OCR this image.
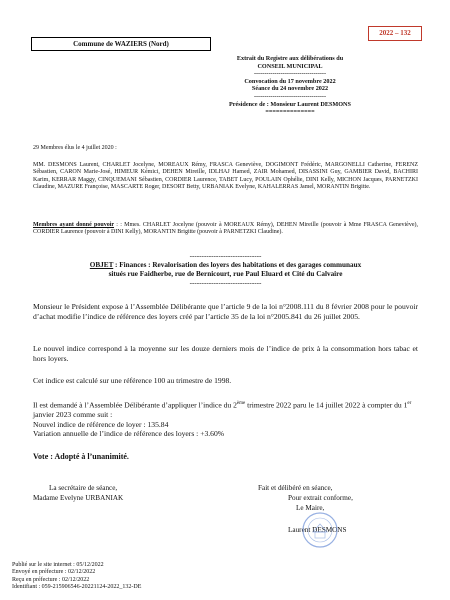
Commune de WAZIERS (Nord)
2022 – 132
Extrait du Registre aux délibérations du
CONSEIL MUNICIPAL
-----------------------------------
Convocation du 17 novembre 2022
Séance du 24 novembre 2022
-----------------------------------
Présidence de : Monsieur Laurent DESMONS
==============
29 Membres élus le 4 juillet 2020 :
MM. DESMONS Laurent, CHARLET Jocelyne, MOREAUX Rémy, FRASCA Geneviève, DOGIMONT Frédéric, MARGONELLI Catherine, FERENZ Sébastien, CARON Marie-José, HIMEUR Kémici, DEHEN Mireille, IDLHAJ Hamed, ZAIR Mohamed, DISASSINI Guy, GAMBIER David, BACHIRI Karim, KERRAR Maggy, CINQUEMANI Sébastien, CORDIER Laurence, TABET Lucy, POULAIN Ophélie, DINI Kelly, MICHON Jacques, PARNETZKI Claudine, MAZURE Françoise, MASCARTE Roger, DESORT Betty, URBANIAK Evelyne, KAHALERRAS Jamel, MORANTIN Brigitte.
Membres ayant donné pouvoir : : Mmes. CHARLET Jocelyne (pouvoir à MOREAUX Rémy), DEHEN Mireille (pouvoir à Mme FRASCA Geneviève), CORDIER Laurence (pouvoir à DINI Kelly), MORANTIN Brigitte (pouvoir à PARNETZKI Claudine).
------------------------------
OBJET : Finances : Revalorisation des loyers des habitations et des garages communaux
situés rue Faidherbe, rue de Bernicourt, rue Paul Eluard et Cité du Calvaire
------------------------------
Monsieur le Président expose à l’Assemblée Délibérante que l’article 9 de la loi n°2008.111 du 8 février 2008 pour le pouvoir d’achat modifie l’indice de référence des loyers créé par l’article 35 de la loi n°2005.841 du 26 juillet 2005.
Le nouvel indice correspond à la moyenne sur les douze derniers mois de l’indice de prix à la consommation hors tabac et hors loyers.
Cet indice est calculé sur une référence 100 au trimestre de 1998.
Il est demandé à l’Assemblée Délibérante d’appliquer l’indice du 2ème trimestre 2022 paru le 14 juillet 2022 à compter du 1er janvier 2023 comme suit :
Nouvel indice de référence de loyer : 135.84
Variation annuelle de l’indice de référence des loyers : +3.60%
Vote : Adopté à l’unanimité.
La secrétaire de séance,
Madame Evelyne URBANIAK
Fait et délibéré en séance,
Pour extrait conforme,
Le Maire,
Laurent DESMONS
Publié sur le site internet : 05/12/2022
Envoyé en préfecture : 02/12/2022
Reçu en préfecture : 02/12/2022
Identifiant : 059-215906546-20221124-2022_132-DE
